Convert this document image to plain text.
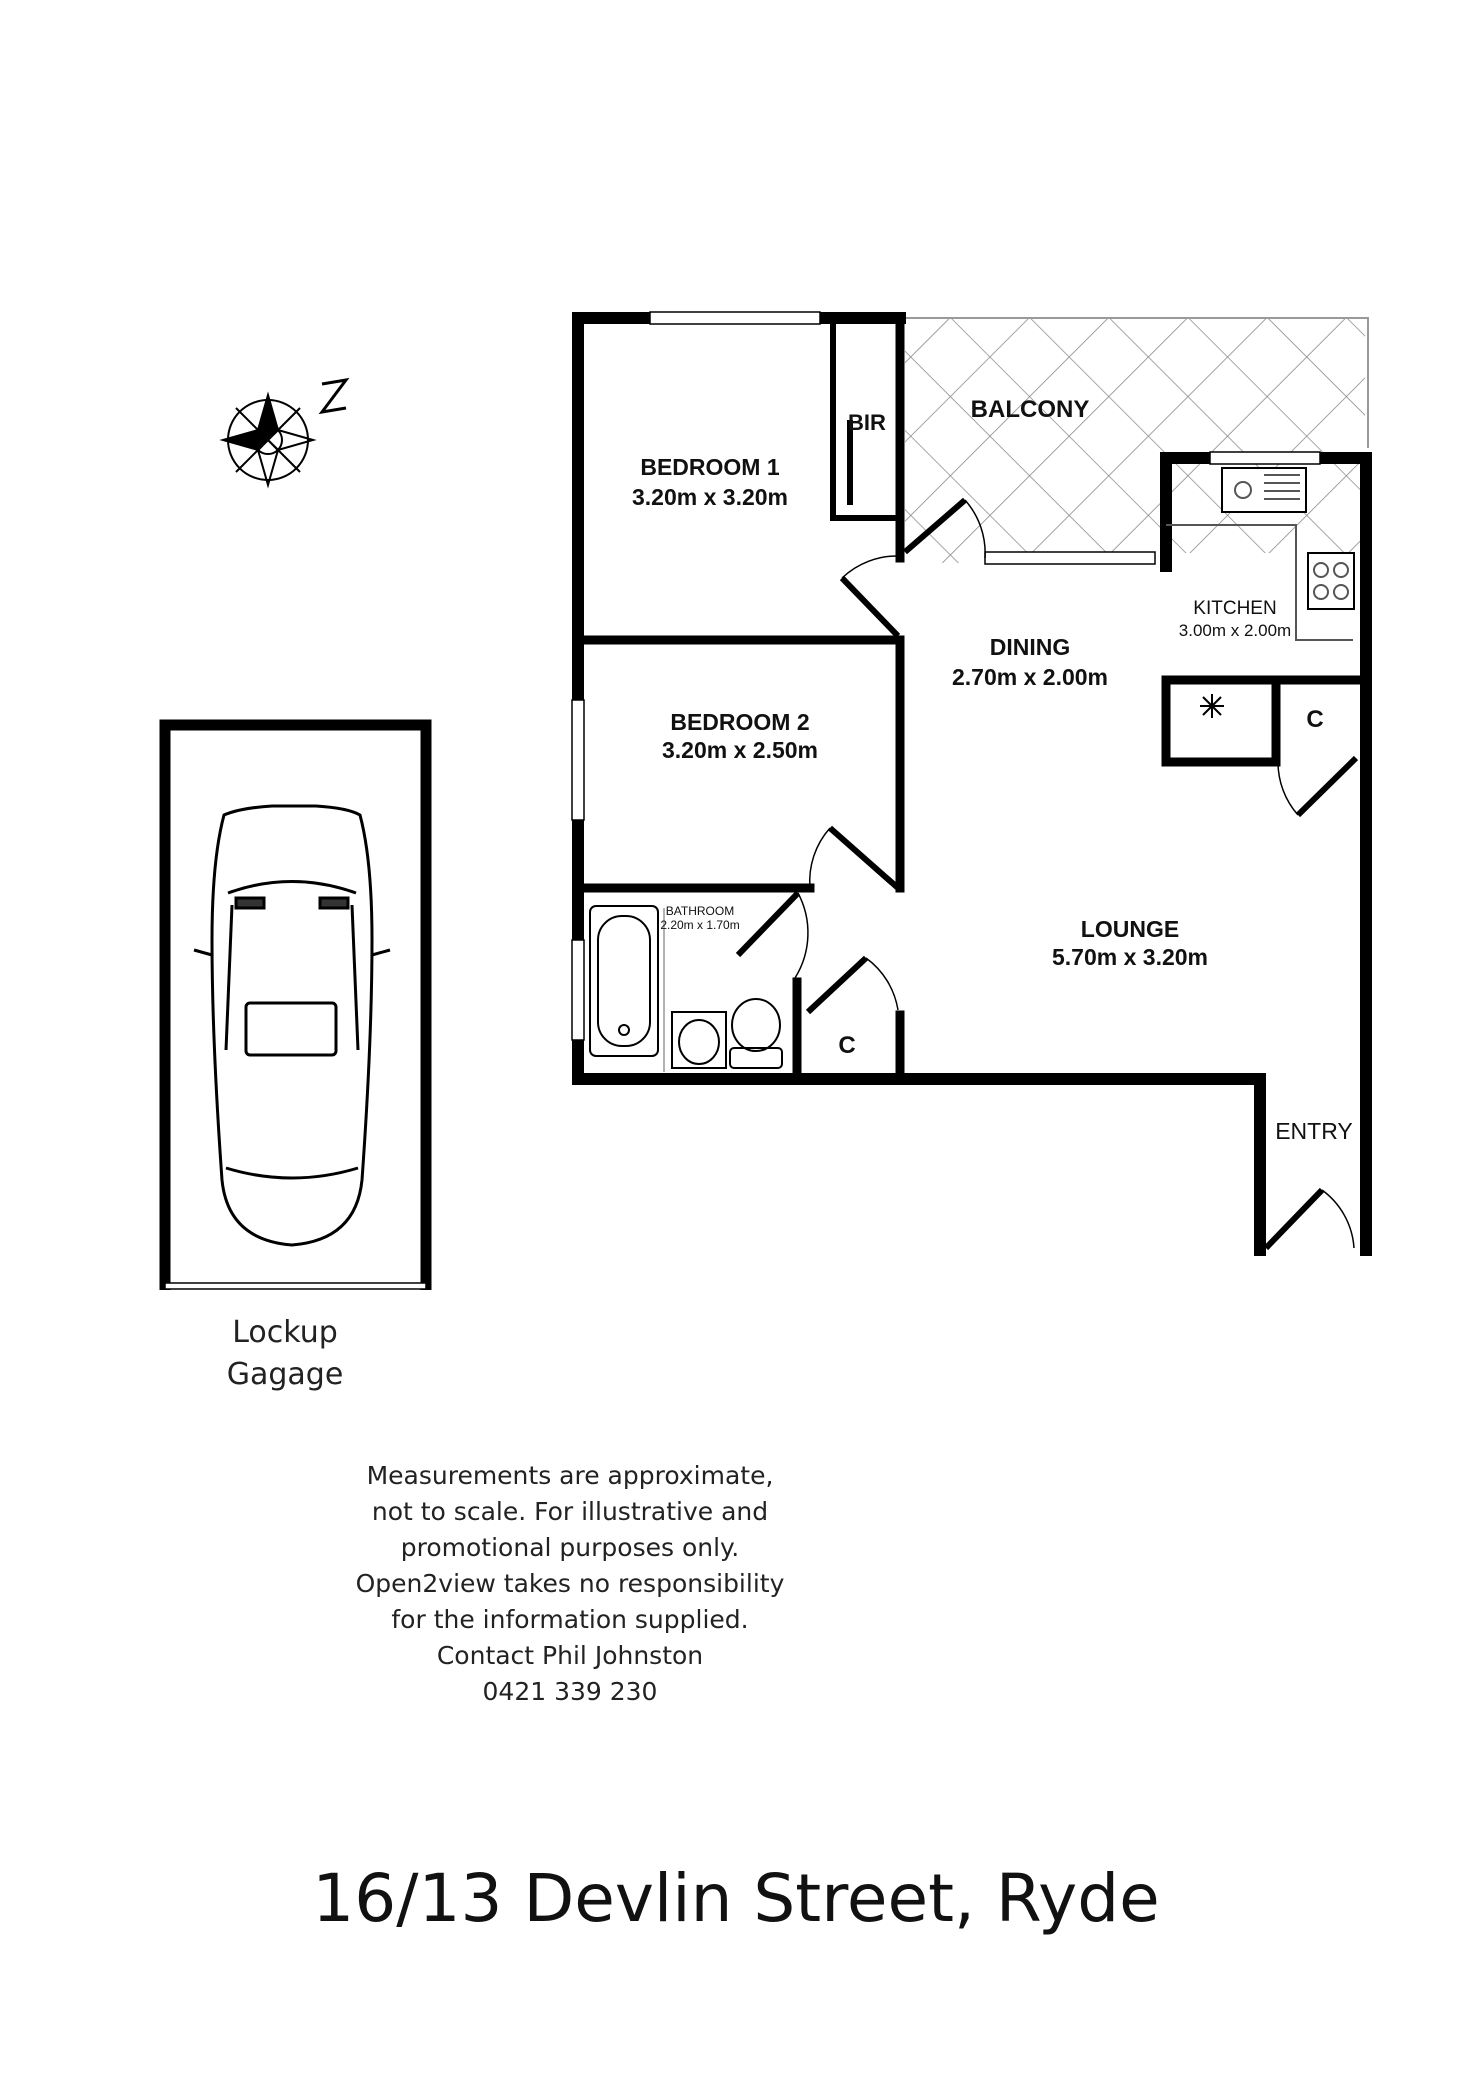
BEDROOM 1
3.20m x 3.20m
BIR	BALCONY
BEDROOM 2
3.20m x 2.50m
DINING
2.70m x 2.00m
KITCHEN
3.00m x 2.00m
C
LOUNGE
5.70m x 3.20m
BATHROOM
2.20m x 1.70m
C
ENTRY
Lockup
Gagage
Measurements are approximate,
not to scale. For illustrative and
promotional purposes only.
Open2view takes no responsibility
for the information supplied.
Contact Phil Johnston
0421 339 230
16/13 Devlin Street, Ryde
